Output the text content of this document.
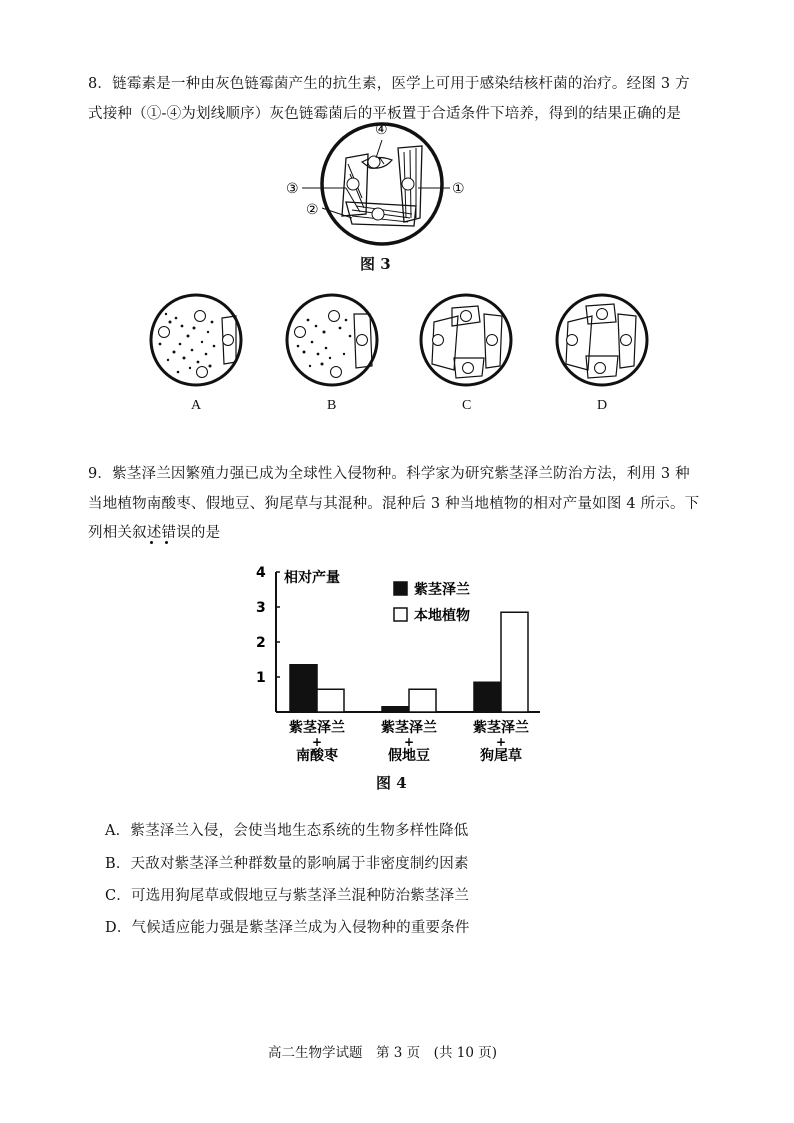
8．链霉素是一种由灰色链霉菌产生的抗生素，医学上可用于感染结核杆菌的治疗。经图 3 方
式接种（①-④为划线顺序）灰色链霉菌后的平板置于合适条件下培养，得到的结果正确的是
④
①
③
②
图 3
A	B	C	D
9．紫茎泽兰因繁殖力强已成为全球性入侵物种。科学家为研究紫茎泽兰防治方法，利用 3 种
当地植物南酸枣、假地豆、狗尾草与其混种。混种后 3 种当地植物的相对产量如图 4 所示。下
列相关叙述错误的是
相对产量
1
2
3
4
紫茎泽兰
本地植物
紫茎泽兰
+
南酸枣
紫茎泽兰
+
假地豆
紫茎泽兰
+
狗尾草
图 4
A．紫茎泽兰入侵，会使当地生态系统的生物多样性降低
B．天敌对紫茎泽兰种群数量的影响属于非密度制约因素
C．可选用狗尾草或假地豆与紫茎泽兰混种防治紫茎泽兰
D．气候适应能力强是紫茎泽兰成为入侵物种的重要条件
高二生物学试题　第 3 页　(共 10 页)
